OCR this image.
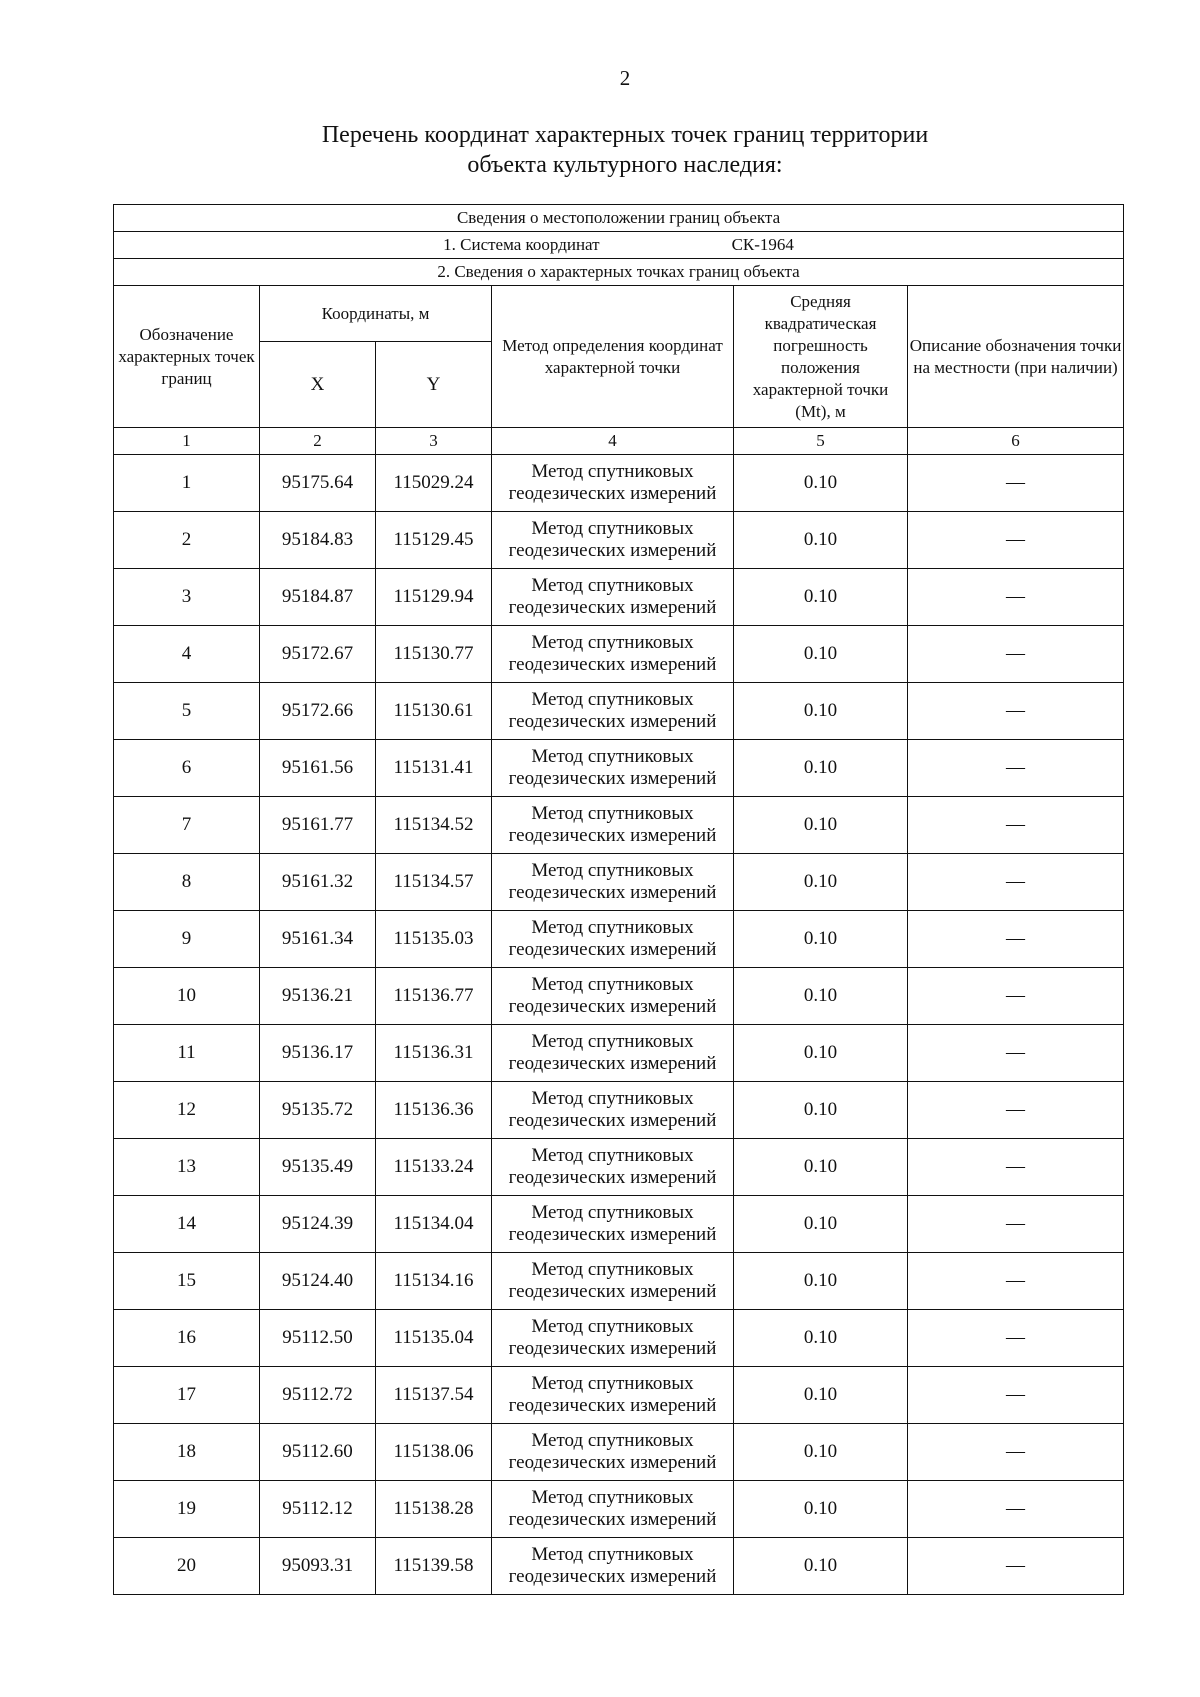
2
Перечень координат характерных точек границ территории
объекта культурного наследия:
Сведения о местоположении границ объекта					
1. Система координат СК-1964					
2. Сведения о характерных точках границ объекта					
Обозначение характерных точек границ	Координаты, м		Метод определения координат характерной точки	Средняя квадратическая погрешность положения характерной точки (Mt), м	Описание обозначения точки на местности (при наличии)
	X	Y			
1	2	3	4	5	6
1	95175.64	115029.24	Метод спутниковых геодезических измерений	0.10	—
2	95184.83	115129.45	Метод спутниковых геодезических измерений	0.10	—
3	95184.87	115129.94	Метод спутниковых геодезических измерений	0.10	—
4	95172.67	115130.77	Метод спутниковых геодезических измерений	0.10	—
5	95172.66	115130.61	Метод спутниковых геодезических измерений	0.10	—
6	95161.56	115131.41	Метод спутниковых геодезических измерений	0.10	—
7	95161.77	115134.52	Метод спутниковых геодезических измерений	0.10	—
8	95161.32	115134.57	Метод спутниковых геодезических измерений	0.10	—
9	95161.34	115135.03	Метод спутниковых геодезических измерений	0.10	—
10	95136.21	115136.77	Метод спутниковых геодезических измерений	0.10	—
11	95136.17	115136.31	Метод спутниковых геодезических измерений	0.10	—
12	95135.72	115136.36	Метод спутниковых геодезических измерений	0.10	—
13	95135.49	115133.24	Метод спутниковых геодезических измерений	0.10	—
14	95124.39	115134.04	Метод спутниковых геодезических измерений	0.10	—
15	95124.40	115134.16	Метод спутниковых геодезических измерений	0.10	—
16	95112.50	115135.04	Метод спутниковых геодезических измерений	0.10	—
17	95112.72	115137.54	Метод спутниковых геодезических измерений	0.10	—
18	95112.60	115138.06	Метод спутниковых геодезических измерений	0.10	—
19	95112.12	115138.28	Метод спутниковых геодезических измерений	0.10	—
20	95093.31	115139.58	Метод спутниковых геодезических измерений	0.10	—
